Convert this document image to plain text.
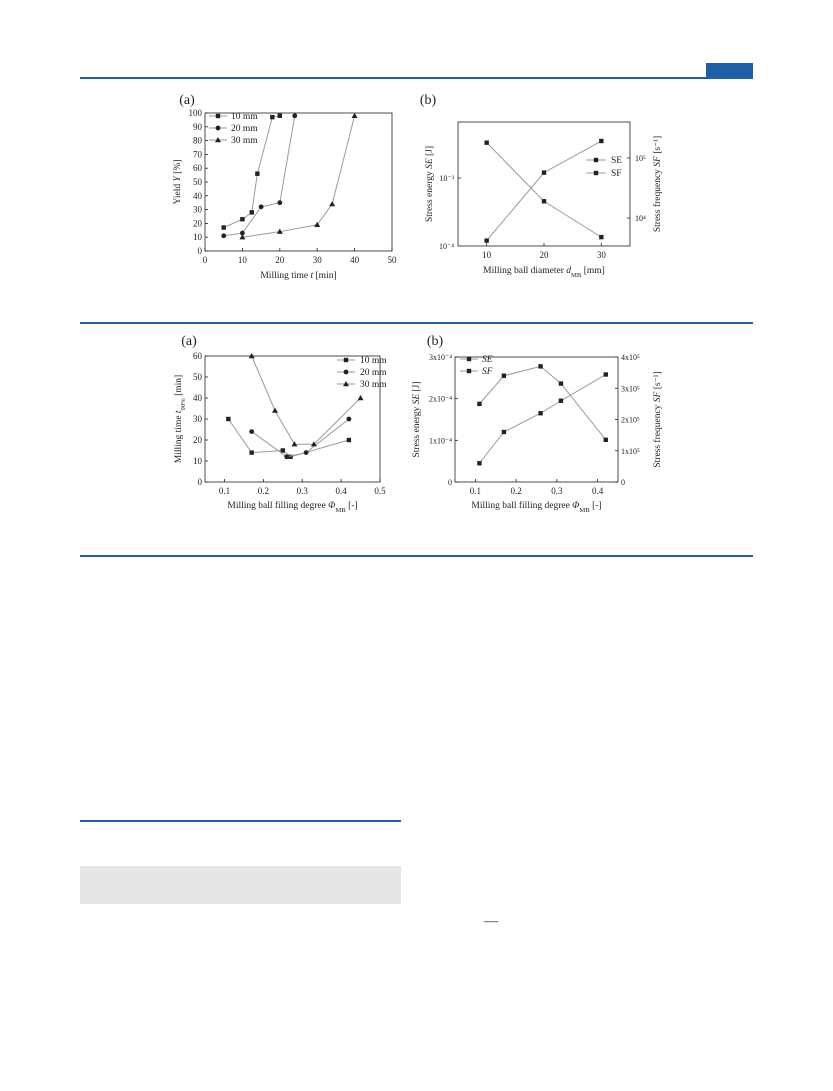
—
(a)
0	10	20	30	40	50
0
10
20
30
40
50
60
70
80
90
100
Milling time t [min]
Yield Y [%]
10 mm
20 mm
30 mm
(b)
10	20	30
10⁻⁴
10⁻³
10⁴
10⁵
Milling ball diameter $d_{MB}$ [mm]
Stress energy SE [J]
Stress frequency SF [s⁻¹]
SE
SF
(a)
0.1	0.2	0.3	0.4	0.5
0
10
20
30
40
50
60
Milling ball filling degree $\Phi_{MB}$ [-]
Milling time $t_{90\%}$ [min]
10 mm
20 mm
30 mm
(b)
0.1	0.2	0.3	0.4
0
1x10⁻⁴
2x10⁻⁴
3x10⁻⁴
0
1x10⁵
2x10⁵
3x10⁵
4x10⁵
Milling ball filling degree $\Phi_{MB}$ [-]
Stress energy SE [J]
Stress frequency SF [s⁻¹]
SE
SF
